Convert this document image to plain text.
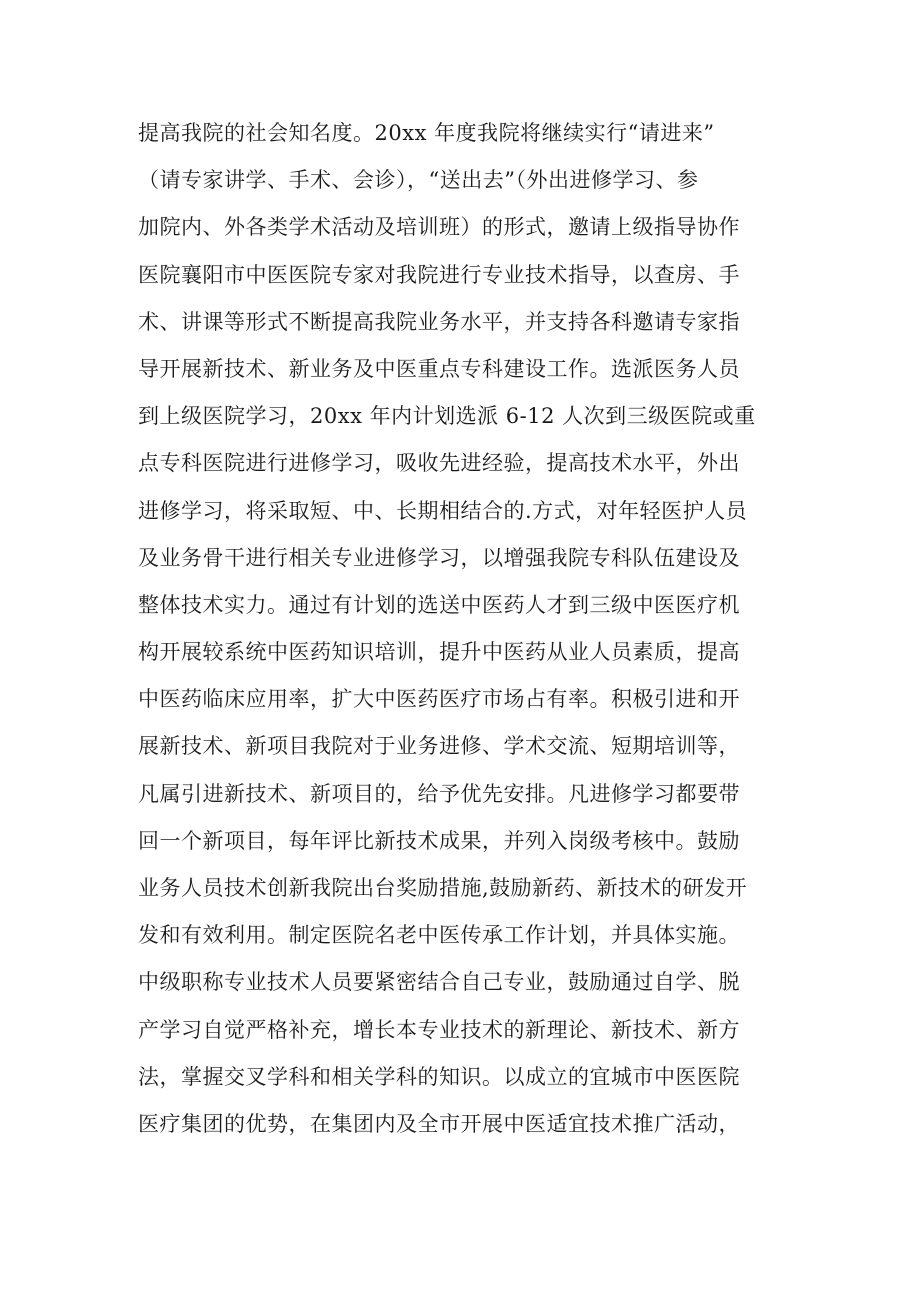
提高我院的社会知名度。20xx 年度我院将继续实行“请进来”
（请专家讲学、手术、会诊），“送出去”（外出进修学习、参
加院内、外各类学术活动及培训班）的形式，邀请上级指导协作
医院襄阳市中医医院专家对我院进行专业技术指导，以查房、手
术、讲课等形式不断提高我院业务水平，并支持各科邀请专家指
导开展新技术、新业务及中医重点专科建设工作。选派医务人员
到上级医院学习，20xx 年内计划选派 6-12 人次到三级医院或重
点专科医院进行进修学习，吸收先进经验，提高技术水平，外出
进修学习，将采取短、中、长期相结合的.方式，对年轻医护人员
及业务骨干进行相关专业进修学习，以增强我院专科队伍建设及
整体技术实力。通过有计划的选送中医药人才到三级中医医疗机
构开展较系统中医药知识培训，提升中医药从业人员素质，提高
中医药临床应用率，扩大中医药医疗市场占有率。积极引进和开
展新技术、新项目我院对于业务进修、学术交流、短期培训等，
凡属引进新技术、新项目的，给予优先安排。凡进修学习都要带
回一个新项目，每年评比新技术成果，并列入岗级考核中。鼓励
业务人员技术创新我院出台奖励措施,鼓励新药、新技术的研发开
发和有效利用。制定医院名老中医传承工作计划，并具体实施。
中级职称专业技术人员要紧密结合自己专业，鼓励通过自学、脱
产学习自觉严格补充，增长本专业技术的新理论、新技术、新方
法，掌握交叉学科和相关学科的知识。以成立的宜城市中医医院
医疗集团的优势，在集团内及全市开展中医适宜技术推广活动，
